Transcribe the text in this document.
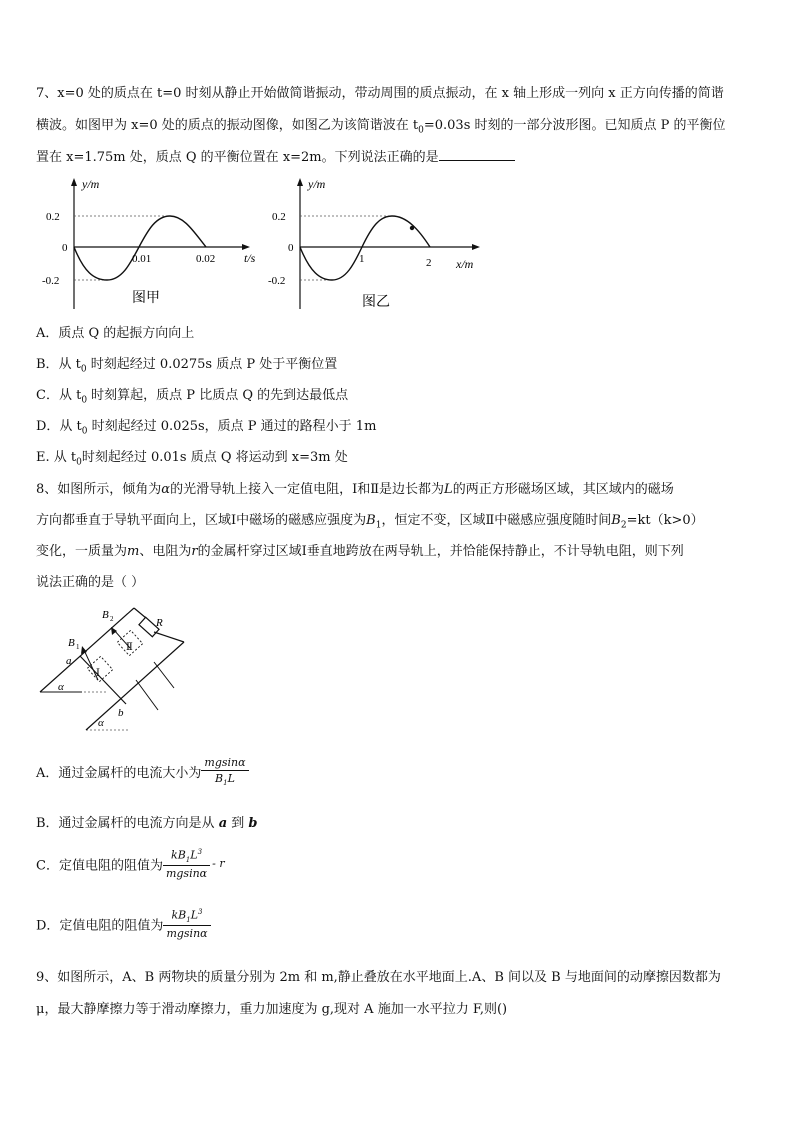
7、x=0 处的质点在 t=0 时刻从静止开始做简谐振动，带动周围的质点振动，在 x 轴上形成一列向 x 正方向传播的简谐
横波。如图甲为 x=0 处的质点的振动图像，如图乙为该简谐波在 $t_0=0.03s$ 时刻的一部分波形图。已知质点 P 的平衡位
置在 x=1.75m 处，质点 Q 的平衡位置在 x=2m。下列说法正确的是
y/m
0.2
0
-0.2
0.01	0.02 t/s
图甲
y/m
0.2
0
-0.2
1	2 x/m
图乙
A．质点 Q 的起振方向向上
B．从 $t_0$ 时刻起经过 0.0275s 质点 P 处于平衡位置
C．从 $t_0$ 时刻算起，质点 P 比质点 Q 的先到达最低点
D．从 $t_0$ 时刻起经过 0.025s，质点 P 通过的路程小于 1m
E. 从 $t_0$时刻起经过 0.01s 质点 Q 将运动到 x=3m 处
8、如图所示，倾角为α的光滑导轨上接入一定值电阻，Ⅰ和Ⅱ是边长都为L的两正方形磁场区域，其区域内的磁场
方向都垂直于导轨平面向上，区域Ⅰ中磁场的磁感应强度为$B_1$，恒定不变，区域Ⅱ中磁感应强度随时间$B_2=kt(k>0)$
变化，一质量为m、电阻为r的金属杆穿过区域Ⅰ垂直地跨放在两导轨上，并恰能保持静止，不计导轨电阻，则下列
说法正确的是（ ）
B 2
B 1
R
Ⅱ
Ⅰ
a
b
α
α
A．通过金属杆的电流大小为 $\frac{mgsin\alpha}{B_1L}$
B．通过金属杆的电流方向是从 a 到 b
C．定值电阻的阻值为 $\frac{kB_1L^3}{mgsin\alpha}$ - r
D．定值电阻的阻值为 $\frac{kB_1L^3}{mgsin\alpha}$
9、如图所示，A、B 两物块的质量分别为 2m 和 m,静止叠放在水平地面上.A、B 间以及 B 与地面间的动摩擦因数都为
μ，最大静摩擦力等于滑动摩擦力，重力加速度为 g,现对 A 施加一水平拉力 F,则()
